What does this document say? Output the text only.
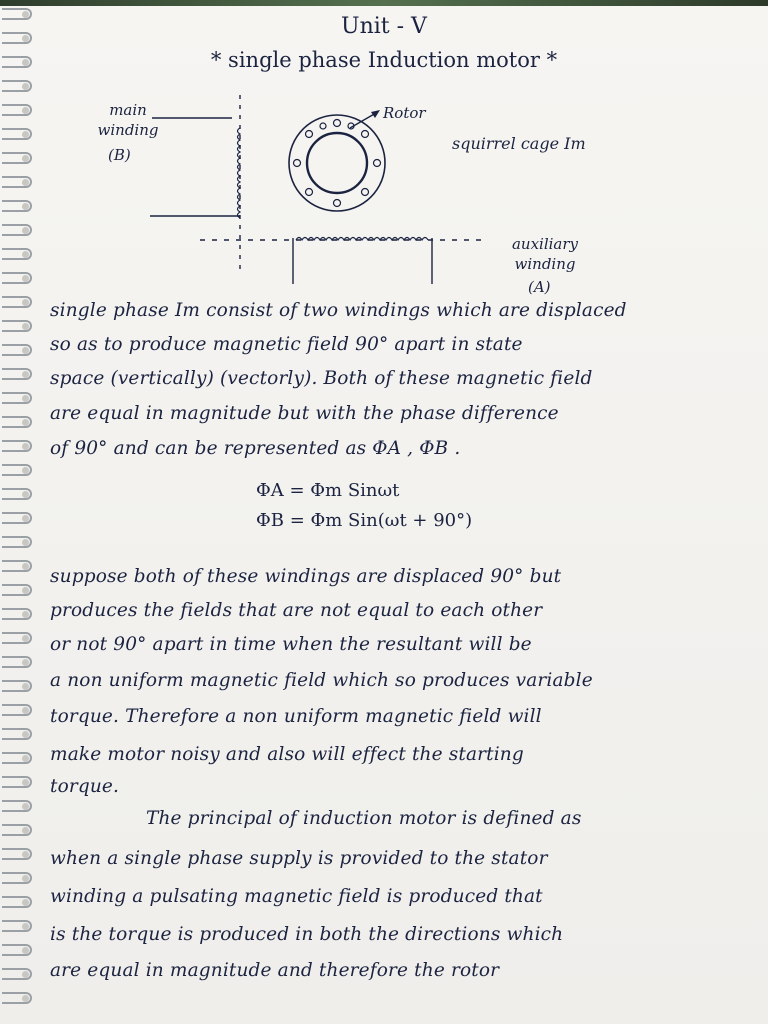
Unit - V
* single phase Induction motor *
main winding
(B)
Rotor
squirrel cage Im
auxiliary winding
(A)
single phase Im consist of two windings which are displaced
so as to produce magnetic field 90° apart in state
space (vertically) (vectorly). Both of these magnetic field
are equal in magnitude but with the phase difference
of 90° and can be represented as ΦA , ΦB .
ΦA = Φm Sinωt
ΦB = Φm Sin(ωt + 90°)
suppose both of these windings are displaced 90° but
produces the fields that are not equal to each other
or not 90° apart in time when the resultant will be
a non uniform magnetic field which so produces variable
torque. Therefore a non uniform magnetic field will
make motor noisy and also will effect the starting
torque.
The principal of induction motor is defined as
when a single phase supply is provided to the stator
winding a pulsating magnetic field is produced that
is the torque is produced in both the directions which
are equal in magnitude and therefore the rotor
